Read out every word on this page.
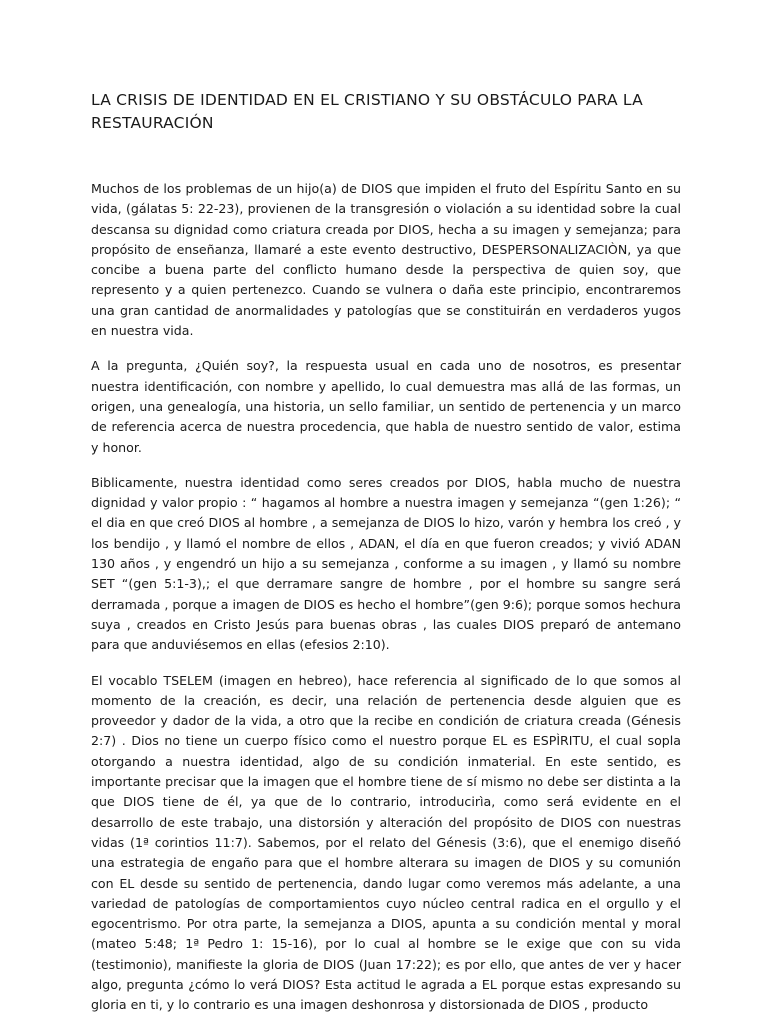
LA CRISIS DE IDENTIDAD EN EL CRISTIANO Y SU OBSTÁCULO PARA LA RESTAURACIÓN

Muchos de los problemas de un hijo(a) de DIOS que impiden el fruto del Espíritu Santo en su vida, (gálatas 5: 22-23), provienen de la transgresión o violación a su identidad sobre la cual descansa su dignidad como criatura creada por DIOS, hecha a su imagen y semejanza; para propósito de enseñanza, llamaré a este evento destructivo, DESPERSONALIZACIÒN, ya que concibe a buena parte del conflicto humano desde la perspectiva de quien soy, que represento y a quien pertenezco. Cuando se vulnera o daña este principio, encontraremos una gran cantidad de anormalidades y patologías que se constituirán en verdaderos yugos en nuestra vida.

A la pregunta, ¿Quién soy?, la respuesta usual en cada uno de nosotros, es presentar nuestra identificación, con nombre y apellido, lo cual demuestra mas allá de las formas, un origen, una genealogía, una historia, un sello familiar, un sentido de pertenencia y un marco de referencia acerca de nuestra procedencia, que habla de nuestro sentido de valor, estima y honor.

Biblicamente, nuestra identidad como seres creados por DIOS, habla mucho de nuestra dignidad y valor propio : “ hagamos al hombre a nuestra imagen y semejanza “(gen 1:26); “ el dia en que creó DIOS al hombre , a semejanza de DIOS lo hizo, varón y hembra los creó , y los bendijo , y llamó el nombre de ellos , ADAN, el día en que fueron creados; y vivió ADAN 130 años , y engendró un hijo a su semejanza , conforme a su imagen , y llamó su nombre SET “(gen 5:1-3),; el que derramare sangre de hombre , por el hombre su sangre será derramada , porque a imagen de DIOS es hecho el hombre”(gen 9:6); porque somos hechura suya , creados en Cristo Jesús para buenas obras , las cuales DIOS preparó de antemano para que anduviésemos en ellas (efesios 2:10).

El vocablo TSELEM (imagen en hebreo), hace referencia al significado de lo que somos al momento de la creación, es decir, una relación de pertenencia desde alguien que es proveedor y dador de la vida, a otro que la recibe en condición de criatura creada (Génesis 2:7) . Dios no tiene un cuerpo físico como el nuestro porque EL es ESPÌRITU, el cual sopla otorgando a nuestra identidad, algo de su condición inmaterial. En este sentido, es importante precisar que la imagen que el hombre tiene de sí mismo no debe ser distinta a la que DIOS tiene de él, ya que de lo contrario, introducirìa, como será evidente en el desarrollo de este trabajo, una distorsión y alteración del propósito de DIOS con nuestras vidas (1ª corintios 11:7). Sabemos, por el relato del Génesis (3:6), que el enemigo diseñó una estrategia de engaño para que el hombre alterara su imagen de DIOS y su comunión con EL desde su sentido de pertenencia, dando lugar como veremos más adelante, a una variedad de patologías de comportamientos cuyo núcleo central radica en el orgullo y el egocentrismo. Por otra parte, la semejanza a DIOS, apunta a su condición mental y moral (mateo 5:48; 1ª Pedro 1: 15-16), por lo cual al hombre se le exige que con su vida (testimonio), manifieste la gloria de DIOS (Juan 17:22); es por ello, que antes de ver y hacer algo, pregunta ¿cómo lo verá DIOS? Esta actitud le agrada a EL porque estas expresando su gloria en ti, y lo contrario es una imagen deshonrosa y distorsionada de DIOS , producto
